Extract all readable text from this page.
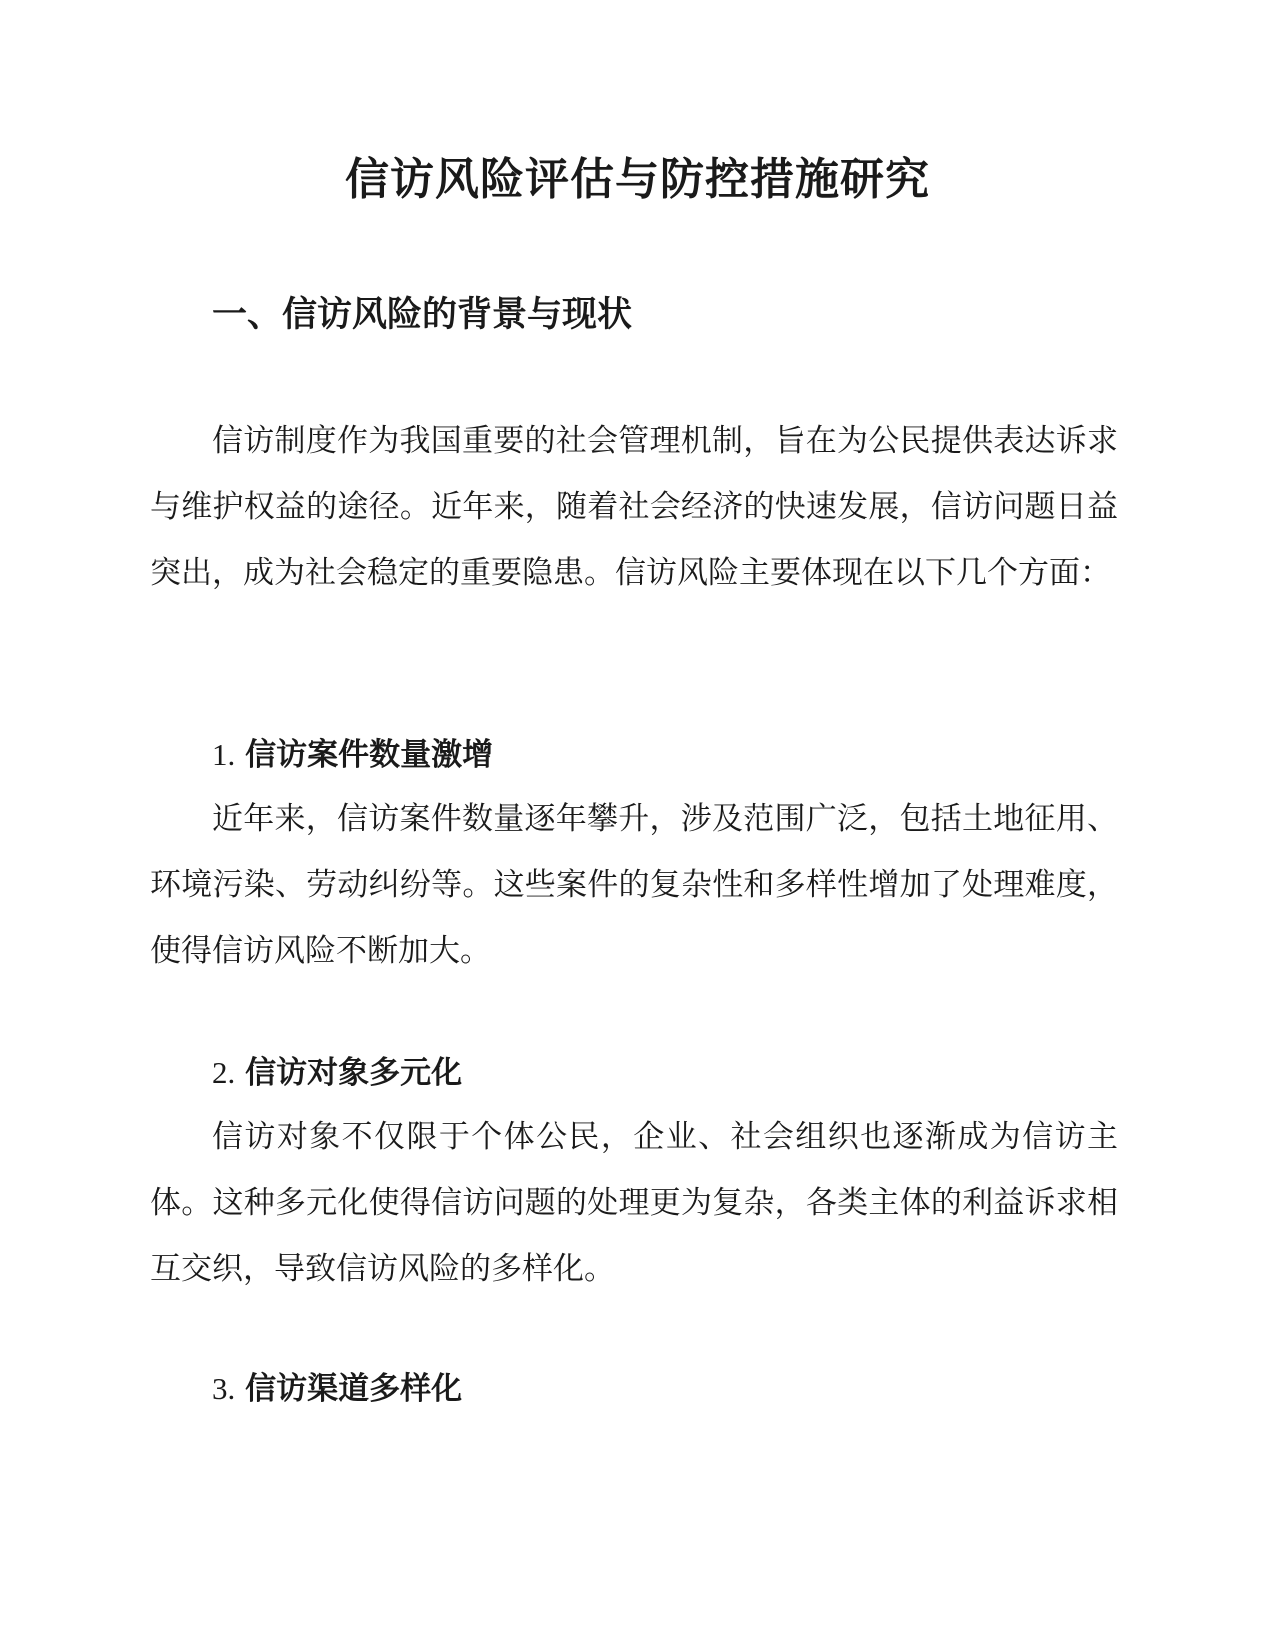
信访风险评估与防控措施研究
一、信访风险的背景与现状

信访制度作为我国重要的社会管理机制，旨在为公民提供表达诉求与维护权益的途径。近年来，随着社会经济的快速发展，信访问题日益突出，成为社会稳定的重要隐患。信访风险主要体现在以下几个方面：

1. 信访案件数量激增

近年来，信访案件数量逐年攀升，涉及范围广泛，包括土地征用、环境污染、劳动纠纷等。这些案件的复杂性和多样性增加了处理难度，使得信访风险不断加大。

2. 信访对象多元化

信访对象不仅限于个体公民，企业、社会组织也逐渐成为信访主体。这种多元化使得信访问题的处理更为复杂，各类主体的利益诉求相互交织，导致信访风险的多样化。

3. 信访渠道多样化
